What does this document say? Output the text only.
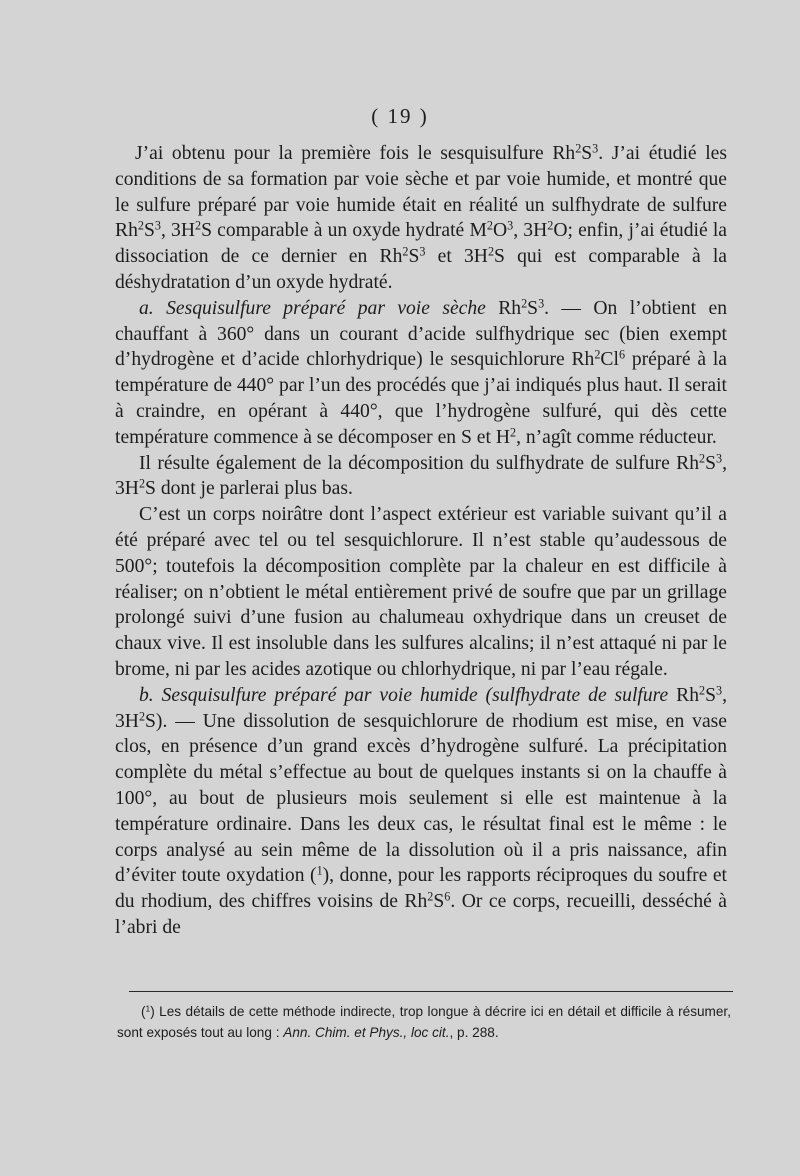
( 19 )

J’ai obtenu pour la première fois le sesquisulfure $Rh^2S^3$. J’ai étudié les conditions de sa formation par voie sèche et par voie humide, et montré que le sulfure préparé par voie humide était en réalité un sulfhydrate de sulfure $Rh^2S^3$, $3H^2S$ comparable à un oxyde hydraté $M^2O^3$, $3H^2O$; enfin, j’ai étudié la dissociation de ce dernier en $Rh^2S^3$ et $3H^2S$ qui est comparable à la déshydratation d’un oxyde hydraté.

a. Sesquisulfure préparé par voie sèche $Rh^2S^3$. — On l’obtient en chauffant à 360° dans un courant d’acide sulfhydrique sec (bien exempt d’hydrogène et d’acide chlorhydrique) le sesquichlorure Rh$^2$Cl$^6$ préparé à la température de 440° par l’un des procédés que j’ai indiqués plus haut. Il serait à craindre, en opérant à 440°, que l’hydrogène sulfuré, qui dès cette température commence à se décomposer en S et $H^2$, n’agît comme réducteur.

Il résulte également de la décomposition du sulfhydrate de sulfure $Rh^2S^3$, $3H^2S$ dont je parlerai plus bas.

C’est un corps noirâtre dont l’aspect extérieur est variable suivant qu’il a été préparé avec tel ou tel sesquichlorure. Il n’est stable qu’audessous de 500°; toutefois la décomposition complète par la chaleur en est difficile à réaliser; on n’obtient le métal entièrement privé de soufre que par un grillage prolongé suivi d’une fusion au chalumeau oxhydrique dans un creuset de chaux vive. Il est insoluble dans les sulfures alcalins; il n’est attaqué ni par le brome, ni par les acides azotique ou chlorhydrique, ni par l’eau régale.

b. Sesquisulfure préparé par voie humide (sulfhydrate de sulfure $Rh^2S^3$, $3H^2S$). — Une dissolution de sesquichlorure de rhodium est mise, en vase clos, en présence d’un grand excès d’hydrogène sulfuré. La précipitation complète du métal s’effectue au bout de quelques instants si on la chauffe à 100°, au bout de plusieurs mois seulement si elle est maintenue à la température ordinaire. Dans les deux cas, le résultat final est le même : le corps analysé au sein même de la dissolution où il a pris naissance, afin d’éviter toute oxydation ($^1$), donne, pour les rapports réciproques du soufre et du rhodium, des chiffres voisins de $Rh^2S^6$. Or ce corps, recueilli, desséché à l’abri de

($^1$) Les détails de cette méthode indirecte, trop longue à décrire ici en détail et difficile à résumer, sont exposés tout au long : Ann. Chim. et Phys., loc cit., p. 288.
